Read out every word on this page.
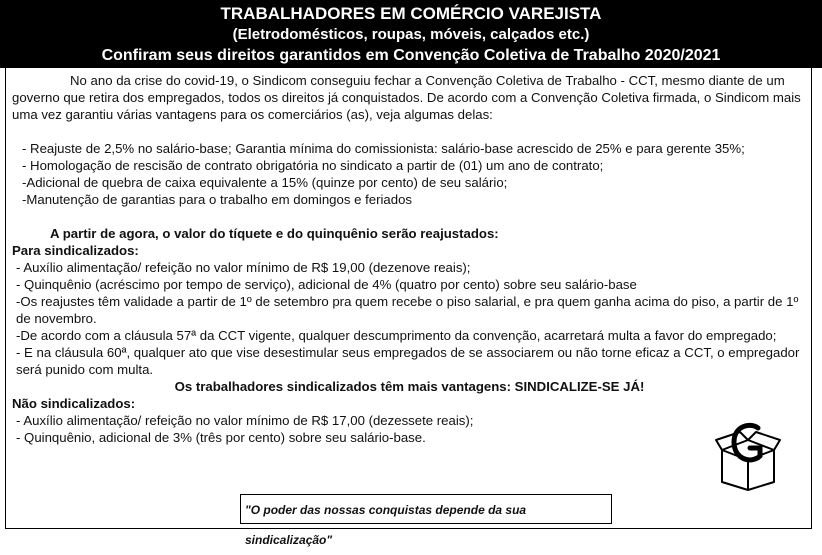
TRABALHADORES EM COMÉRCIO VAREJISTA
(Eletrodomésticos, roupas, móveis, calçados etc.)
Confiram seus direitos garantidos em Convenção Coletiva de Trabalho 2020/2021
No ano da crise do covid-19, o Sindicom conseguiu fechar a Convenção Coletiva de Trabalho - CCT, mesmo diante de um governo que retira dos empregados, todos os direitos já conquistados. De acordo com a Convenção Coletiva firmada, o Sindicom mais uma vez garantiu várias vantagens para os comerciários (as), veja algumas delas:
- Reajuste de 2,5% no salário-base; Garantia mínima do comissionista: salário-base acrescido de 25% e para gerente 35%;
- Homologação de rescisão de contrato obrigatória no sindicato a partir de (01) um ano de contrato;
-Adicional de quebra de caixa equivalente a 15% (quinze por cento) de seu salário;
-Manutenção de garantias para o trabalho em domingos e feriados
A partir de agora, o valor do tíquete e do quinquênio serão reajustados:
Para sindicalizados:
- Auxílio alimentação/ refeição no valor mínimo de R$ 19,00 (dezenove reais);
- Quinquênio (acréscimo por tempo de serviço), adicional de 4% (quatro por cento) sobre seu salário-base
-Os reajustes têm validade a partir de 1º de setembro pra quem recebe o piso salarial, e pra quem ganha acima do piso, a partir de 1º de novembro.
-De acordo com a cláusula 57ª da CCT vigente, qualquer descumprimento da convenção, acarretará multa a favor do empregado;
- E na cláusula 60ª, qualquer ato que vise desestimular seus empregados de se associarem ou não torne eficaz a CCT, o empregador será punido com multa.
Os trabalhadores sindicalizados têm mais vantagens: SINDICALIZE-SE JÁ!
Não sindicalizados:
- Auxílio alimentação/ refeição no valor mínimo de R$ 17,00 (dezessete reais);
- Quinquênio, adicional de 3% (três por cento) sobre seu salário-base.
"O poder das nossas conquistas depende da sua sindicalização"
